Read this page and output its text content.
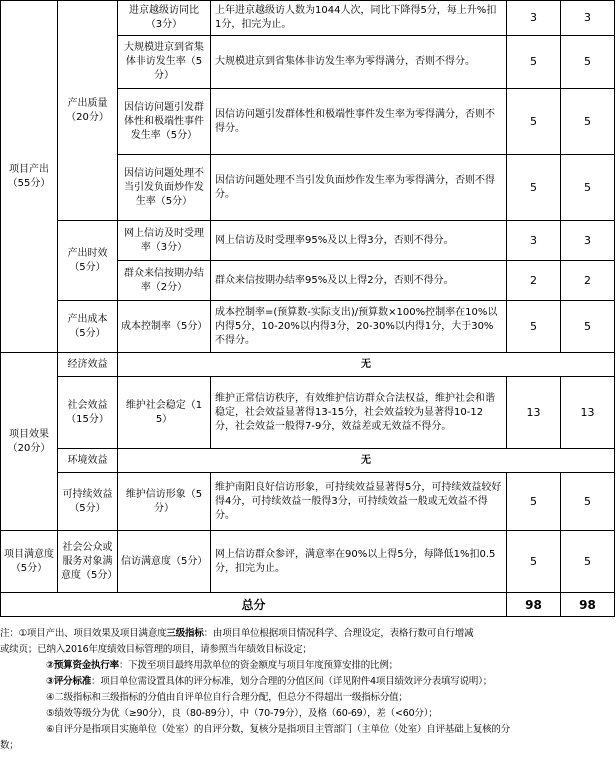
项目产出（55分）	产出质量（20分）	进京越级访同比（3分）	上年进京越级访人数为1044人次，同比下降得5分，每上升%扣1分，扣完为止。	3	3
		大规模进京到省集体非访发生率（5分）	大规模进京到省集体非访发生率为零得满分，否则不得分。	5	5
		因信访问题引发群体性和极端性事件发生率（5分）	因信访问题引发群体性和极端性事件发生率为零得满分，否则不得分。	5	5
		因信访问题处理不当引发负面炒作发生率（5分）	因信访问题处理不当引发负面炒作发生率为零得满分，否则不得分。	5	5
	产出时效（5分）	网上信访及时受理率（3分）	网上信访及时受理率95%及以上得3分，否则不得分。	3	3
		群众来信按期办结率（2分）	群众来信按期办结率95%及以上得2分，否则不得分。	2	2
	产出成本（5分）	成本控制率（5分）	成本控制率=(预算数-实际支出)/预算数×100%控制率在10%以内得5分，10-20%以内得3分，20-30%以内得1分，大于30%不得分。	5	5
项目效果（20分）	经济效益	无			
	社会效益（15分）	维护社会稳定（15）	维护正常信访秩序，有效维护信访群众合法权益，维护社会和谐稳定，社会效益显著得13-15分，社会效益较为显著得10-12分，社会效益一般得7-9分，效益差或无效益不得分。	13	13
	环境效益	无			
	可持续效益（5分）	维护信访形象（5分）	维护南阳良好信访形象，可持续效益显著得5分，可持续效益较好得4分，可持续效益一般得3分，可持续效益一般或无效益不得分。	5	5
项目满意度（5分）	社会公众或服务对象满意度（5分）	信访满意度（5分）	网上信访群众参评，满意率在90%以上得5分，每降低1%扣0.5分，扣完为止。	5	5
总分				98	98

注：①项目产出、项目效果及项目满意度三级指标：由项目单位根据项目情况科学、合理设定，表格行数可自行增减

或续页；已纳入2016年度绩效目标管理的项目，请参照当年绩效目标设定；

②预算资金执行率：下拨至项目最终用款单位的资金额度与项目年度预算安排的比例；

③评分标准：项目单位需设置具体的评分标准，划分合理的分值区间（详见附件4项目绩效评分表填写说明）；

④二级指标和三级指标的分值由自评单位自行合理分配，但总分不得超出一级指标分值；

⑤绩效等级分为优（≥90分），良（80-89分），中（70-79分），及格（60-69），差（<60分）；

⑥自评分是指项目实施单位（处室）的自评分数，复核分是指项目主管部门（主单位（处室）自评基础上复核的分

数；
